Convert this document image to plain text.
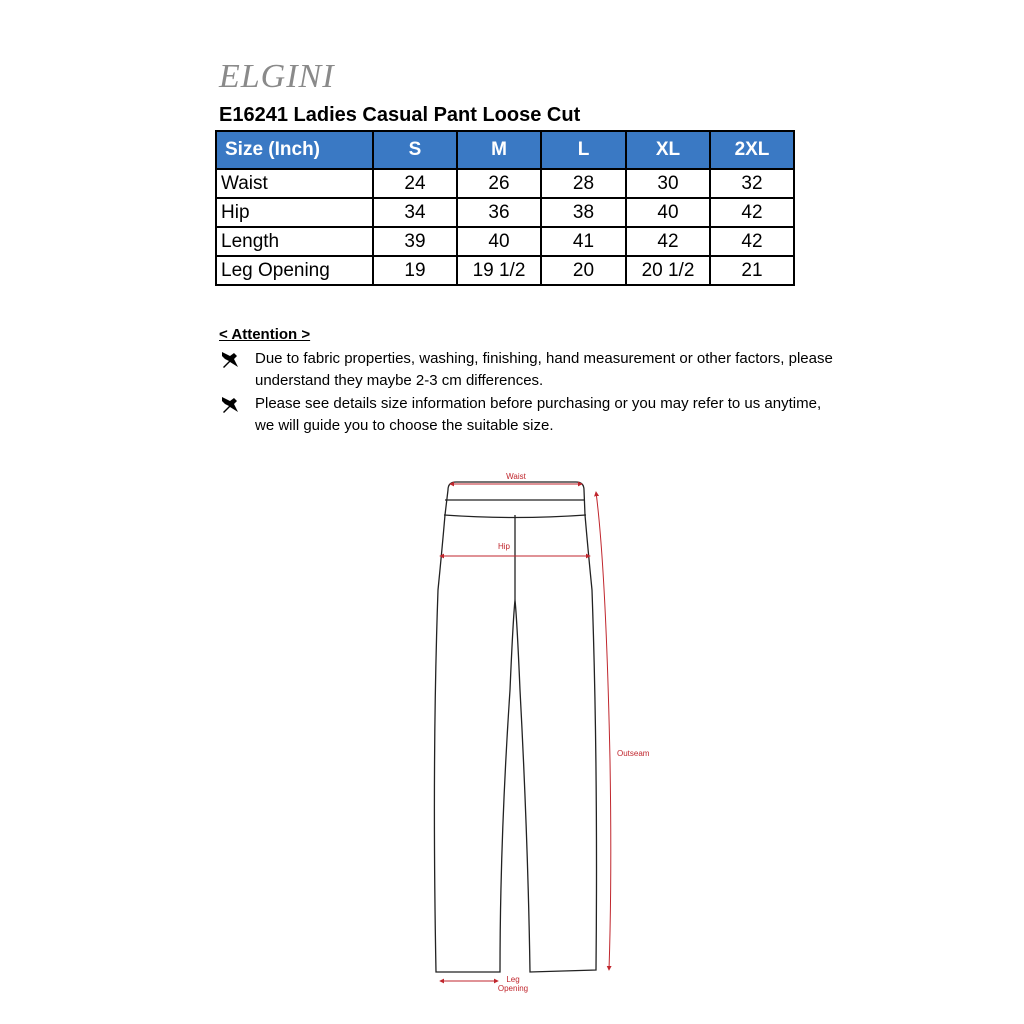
ELGINI
E16241 Ladies Casual Pant Loose Cut
Size (Inch)	S	M	L	XL	2XL
Waist	24	26	28	30	32
Hip	34	36	38	40	42
Length	39	40	41	42	42
Leg Opening	19	19 1/2	20	20 1/2	21
< Attention >
Due to fabric properties, washing, finishing, hand measurement or other factors, please understand they maybe 2-3 cm differences.
Please see details size information before purchasing or you may refer to us anytime, we will guide you to choose the suitable size.
Waist
Hip
Outseam
Leg
Opening
